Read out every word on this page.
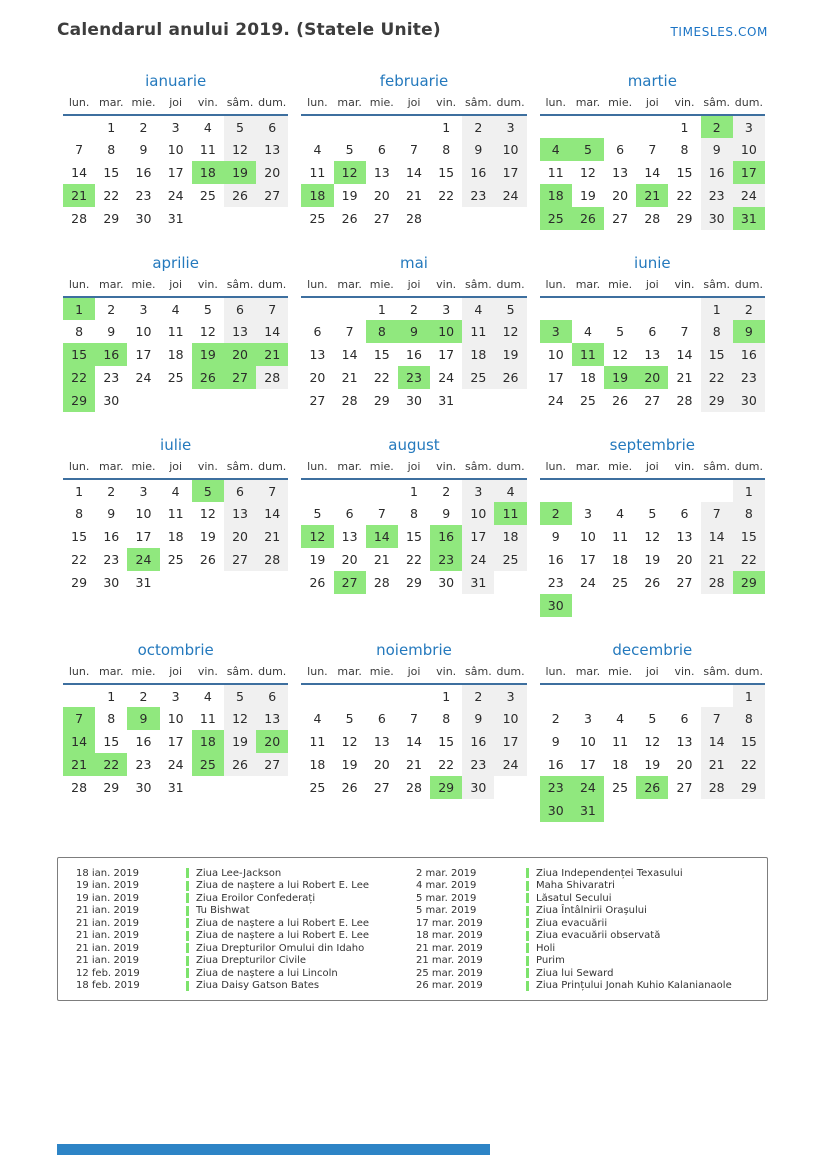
Calendarul anului 2019. (Statele Unite)	TIMESLES.COM
ianuarie
lun.	mar.	mie.	joi	vin.	sâm.	dum.
	1	2	3	4	5	6
7	8	9	10	11	12	13
14	15	16	17	18	19	20
21	22	23	24	25	26	27
28	29	30	31			
februarie
lun.	mar.	mie.	joi	vin.	sâm.	dum.
				1	2	3
4	5	6	7	8	9	10
11	12	13	14	15	16	17
18	19	20	21	22	23	24
25	26	27	28			
martie
lun.	mar.	mie.	joi	vin.	sâm.	dum.
				1	2	3
4	5	6	7	8	9	10
11	12	13	14	15	16	17
18	19	20	21	22	23	24
25	26	27	28	29	30	31
aprilie
lun.	mar.	mie.	joi	vin.	sâm.	dum.
1	2	3	4	5	6	7
8	9	10	11	12	13	14
15	16	17	18	19	20	21
22	23	24	25	26	27	28
29	30					
mai
lun.	mar.	mie.	joi	vin.	sâm.	dum.
		1	2	3	4	5
6	7	8	9	10	11	12
13	14	15	16	17	18	19
20	21	22	23	24	25	26
27	28	29	30	31		
iunie
lun.	mar.	mie.	joi	vin.	sâm.	dum.
					1	2
3	4	5	6	7	8	9
10	11	12	13	14	15	16
17	18	19	20	21	22	23
24	25	26	27	28	29	30
iulie
lun.	mar.	mie.	joi	vin.	sâm.	dum.
1	2	3	4	5	6	7
8	9	10	11	12	13	14
15	16	17	18	19	20	21
22	23	24	25	26	27	28
29	30	31				
august
lun.	mar.	mie.	joi	vin.	sâm.	dum.
			1	2	3	4
5	6	7	8	9	10	11
12	13	14	15	16	17	18
19	20	21	22	23	24	25
26	27	28	29	30	31	
septembrie
lun.	mar.	mie.	joi	vin.	sâm.	dum.
						1
2	3	4	5	6	7	8
9	10	11	12	13	14	15
16	17	18	19	20	21	22
23	24	25	26	27	28	29
30						
octombrie
lun.	mar.	mie.	joi	vin.	sâm.	dum.
	1	2	3	4	5	6
7	8	9	10	11	12	13
14	15	16	17	18	19	20
21	22	23	24	25	26	27
28	29	30	31			
noiembrie
lun.	mar.	mie.	joi	vin.	sâm.	dum.
				1	2	3
4	5	6	7	8	9	10
11	12	13	14	15	16	17
18	19	20	21	22	23	24
25	26	27	28	29	30	
decembrie
lun.	mar.	mie.	joi	vin.	sâm.	dum.
						1
2	3	4	5	6	7	8
9	10	11	12	13	14	15
16	17	18	19	20	21	22
23	24	25	26	27	28	29
30	31					
18 ian. 2019	Ziua Lee-Jackson
19 ian. 2019	Ziua de naștere a lui Robert E. Lee
19 ian. 2019	Ziua Eroilor Confederați
21 ian. 2019	Tu Bishwat
21 ian. 2019	Ziua de naștere a lui Robert E. Lee
21 ian. 2019	Ziua de naștere a lui Robert E. Lee
21 ian. 2019	Ziua Drepturilor Omului din Idaho
21 ian. 2019	Ziua Drepturilor Civile
12 feb. 2019	Ziua de naștere a lui Lincoln
18 feb. 2019	Ziua Daisy Gatson Bates
2 mar. 2019	Ziua Independenței Texasului
4 mar. 2019	Maha Shivaratri
5 mar. 2019	Lăsatul Secului
5 mar. 2019	Ziua Întâlnirii Orașului
17 mar. 2019	Ziua evacuării
18 mar. 2019	Ziua evacuării observată
21 mar. 2019	Holi
21 mar. 2019	Purim
25 mar. 2019	Ziua lui Seward
26 mar. 2019	Ziua Prințului Jonah Kuhio Kalanianaole
